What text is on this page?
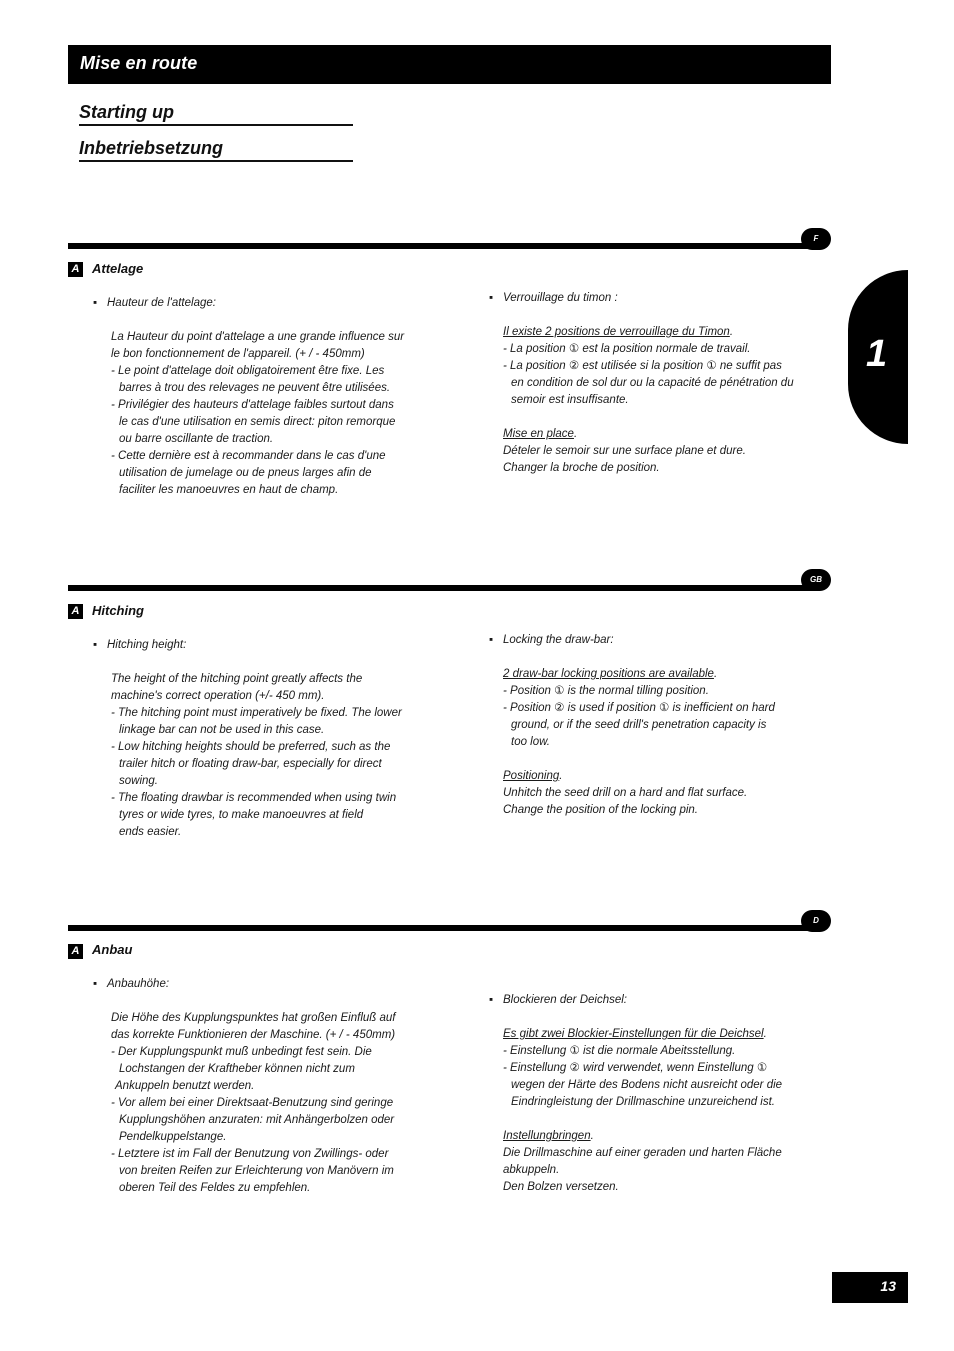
Mise en route
Starting up
Inbetriebsetzung
1
F
A Attelage
▪ Hauteur de l'attelage:
La Hauteur du point d'attelage a une grande influence sur
le bon fonctionnement de l'appareil. (+ / - 450mm)
- Le point d'attelage doit obligatoirement être fixe. Les
barres à trou des relevages ne peuvent être utilisées.
- Privilégier des hauteurs d'attelage faibles surtout dans
le cas d'une utilisation en semis direct: piton remorque
ou barre oscillante de traction.
- Cette dernière est à recommander dans le cas d'une
utilisation de jumelage ou de pneus larges afin de
faciliter les manoeuvres en haut de champ.
▪ Verrouillage du timon :
Il existe 2 positions de verrouillage du Timon.
- La position ① est la position normale de travail.
- La position ② est utilisée si la position ① ne suffit pas
en condition de sol dur ou la capacité de pénétration du
semoir est insuffisante.
Mise en place.
Dételer le semoir sur une surface plane et dure.
Changer la broche de position.
GB
A Hitching
▪ Hitching height:
The height of the hitching point greatly affects the
machine's correct operation (+/- 450 mm).
- The hitching point must imperatively be fixed. The lower
linkage bar can not be used in this case.
- Low hitching heights should be preferred, such as the
trailer hitch or floating draw-bar, especially for direct
sowing.
- The floating drawbar is recommended when using twin
tyres or wide tyres, to make manoeuvres at field
ends easier.
▪ Locking the draw-bar:
2 draw-bar locking positions are available.
- Position ① is the normal tilling position.
- Position ② is used if position ① is inefficient on hard
ground, or if the seed drill's penetration capacity is
too low.
Positioning.
Unhitch the seed drill on a hard and flat surface.
Change the position of the locking pin.
D
A Anbau
▪ Anbauhöhe:
Die Höhe des Kupplungspunktes hat großen Einfluß auf
das korrekte Funktionieren der Maschine. (+ / - 450mm)
- Der Kupplungspunkt muß unbedingt fest sein. Die
Lochstangen der Kraftheber können nicht zum
Ankuppeln benutzt werden.
- Vor allem bei einer Direktsaat-Benutzung sind geringe
Kupplungshöhen anzuraten: mit Anhängerbolzen oder
Pendelkuppelstange.
- Letztere ist im Fall der Benutzung von Zwillings- oder
von breiten Reifen zur Erleichterung von Manövern im
oberen Teil des Feldes zu empfehlen.
▪ Blockieren der Deichsel:
Es gibt zwei Blockier-Einstellungen für die Deichsel.
- Einstellung ① ist die normale Abeitsstellung.
- Einstellung ② wird verwendet, wenn Einstellung ①
wegen der Härte des Bodens nicht ausreicht oder die
Eindringleistung der Drillmaschine unzureichend ist.
Instellungbringen.
Die Drillmaschine auf einer geraden und harten Fläche
abkuppeln.
Den Bolzen versetzen.
13
